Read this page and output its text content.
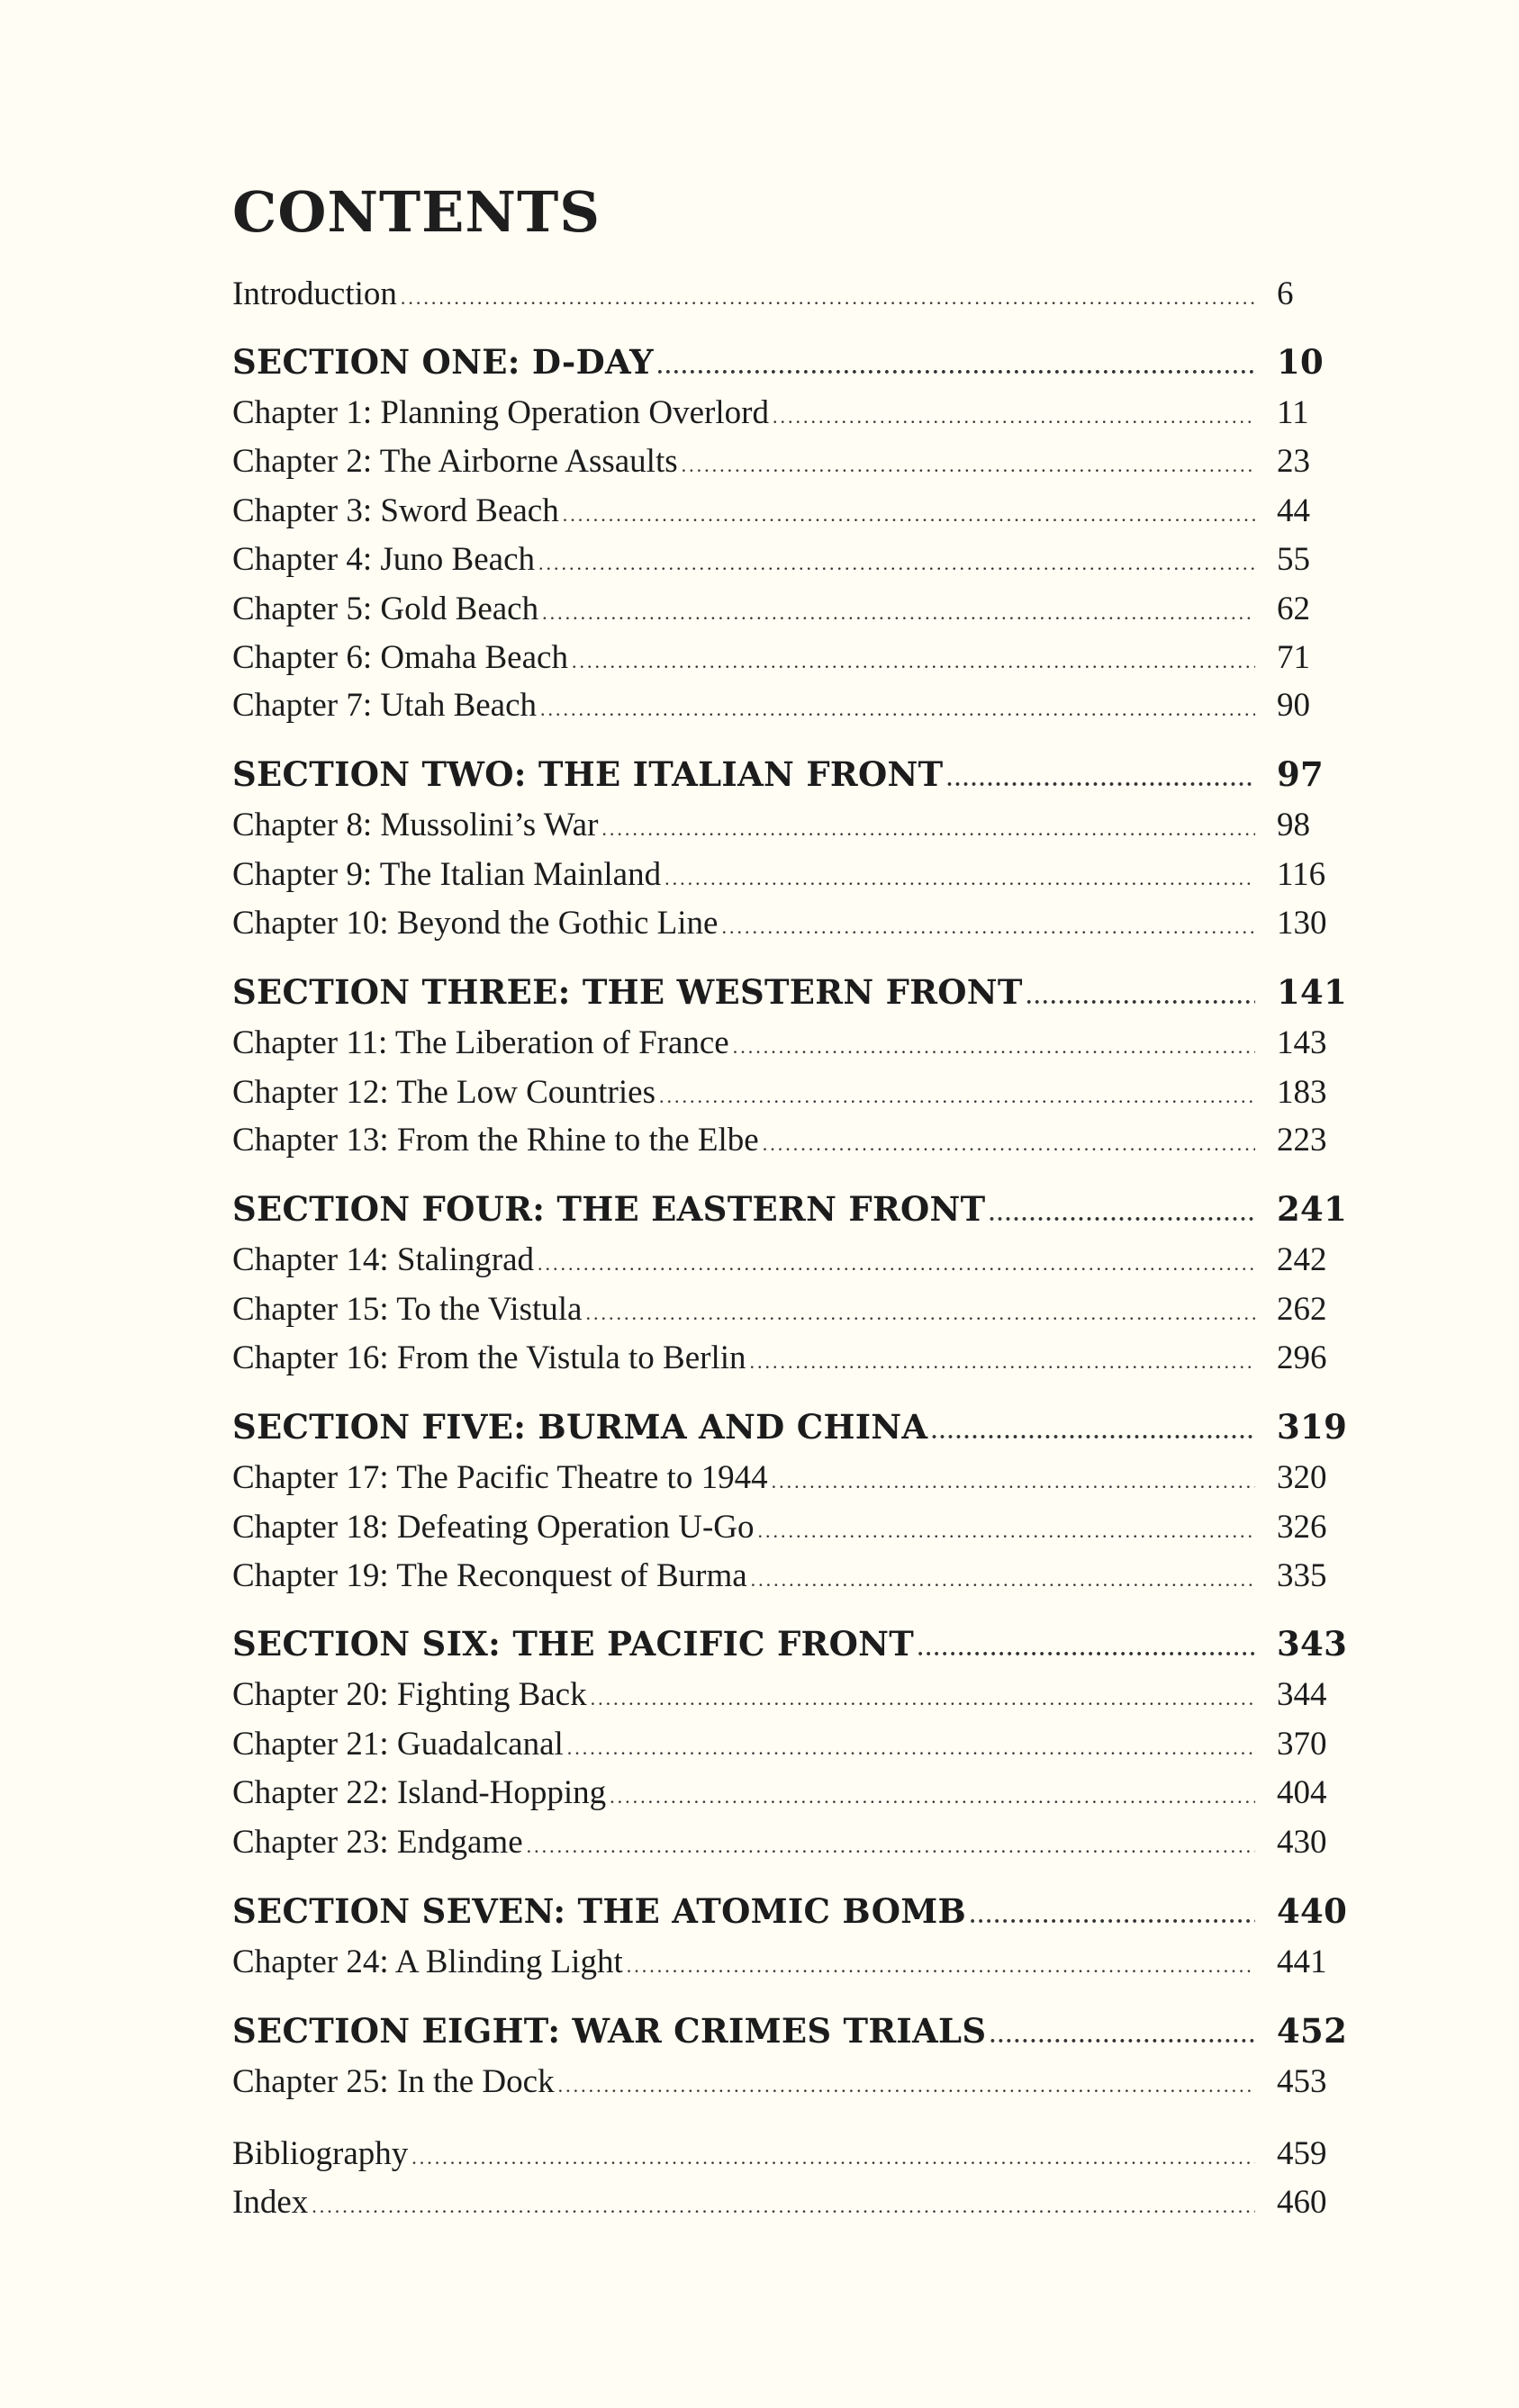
CONTENTS
Introduction .....	6
SECTION ONE: D-DAY .....	10
Chapter 1: Planning Operation Overlord .....	11
Chapter 2: The Airborne Assaults .....	23
Chapter 3: Sword Beach .....	44
Chapter 4: Juno Beach .....	55
Chapter 5: Gold Beach .....	62
Chapter 6: Omaha Beach .....	71
Chapter 7: Utah Beach .....	90
SECTION TWO: THE ITALIAN FRONT .....	97
Chapter 8: Mussolini’s War .....	98
Chapter 9: The Italian Mainland .....	116
Chapter 10: Beyond the Gothic Line .....	130
SECTION THREE: THE WESTERN FRONT .....	141
Chapter 11: The Liberation of France .....	143
Chapter 12: The Low Countries .....	183
Chapter 13: From the Rhine to the Elbe .....	223
SECTION FOUR: THE EASTERN FRONT .....	241
Chapter 14: Stalingrad .....	242
Chapter 15: To the Vistula .....	262
Chapter 16: From the Vistula to Berlin .....	296
SECTION FIVE: BURMA AND CHINA .....	319
Chapter 17: The Pacific Theatre to 1944 .....	320
Chapter 18: Defeating Operation U-Go .....	326
Chapter 19: The Reconquest of Burma .....	335
SECTION SIX: THE PACIFIC FRONT .....	343
Chapter 20: Fighting Back .....	344
Chapter 21: Guadalcanal .....	370
Chapter 22: Island-Hopping .....	404
Chapter 23: Endgame .....	430
SECTION SEVEN: THE ATOMIC BOMB .....	440
Chapter 24: A Blinding Light .....	441
SECTION EIGHT: WAR CRIMES TRIALS .....	452
Chapter 25: In the Dock .....	453
Bibliography .....	459
Index .....	460
